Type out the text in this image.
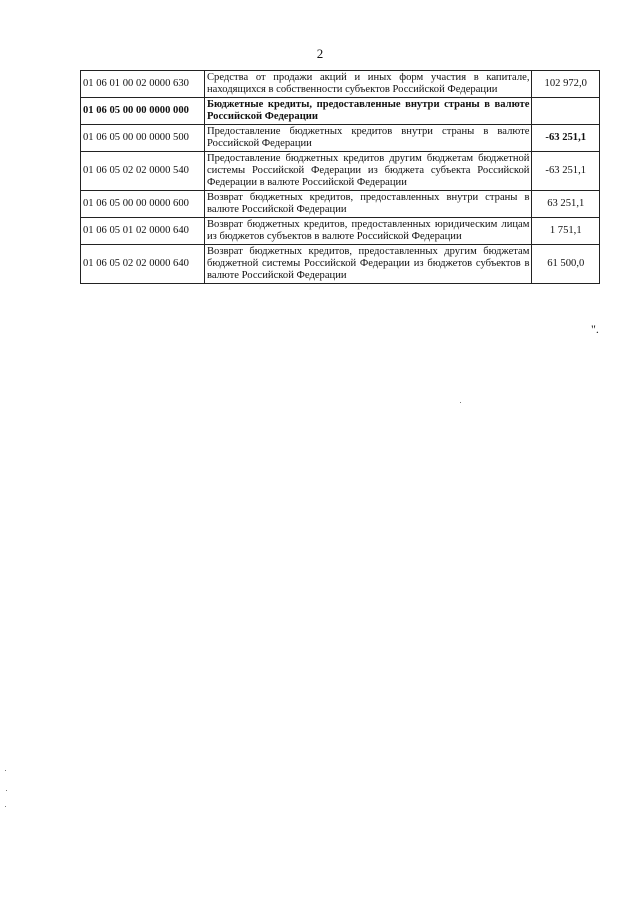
2
01 06 01 00 02 0000 630	Средства от продажи акций и иных форм участия в капитале, находящихся в собственности субъектов Российской Федерации	102 972,0
01 06 05 00 00 0000 000	Бюджетные кредиты, предоставленные внутри страны в валюте Российской Федерации	
01 06 05 00 00 0000 500	Предоставление бюджетных кредитов внутри страны в валюте Российской Федерации	-63 251,1
01 06 05 02 02 0000 540	Предоставление бюджетных кредитов другим бюджетам бюджетной системы Российской Федерации из бюджета субъекта Российской Федерации в валюте Российской Федерации	-63 251,1
01 06 05 00 00 0000 600	Возврат бюджетных кредитов, предоставленных внутри страны в валюте Российской Федерации	63 251,1
01 06 05 01 02 0000 640	Возврат бюджетных кредитов, предоставленных юридическим лицам из бюджетов субъектов в валюте Российской Федерации	1 751,1
01 06 05 02 02 0000 640	Возврат бюджетных кредитов, предоставленных другим бюджетам бюджетной системы Российской Федерации из бюджетов субъектов в валюте Российской Федерации	61 500,0
".
